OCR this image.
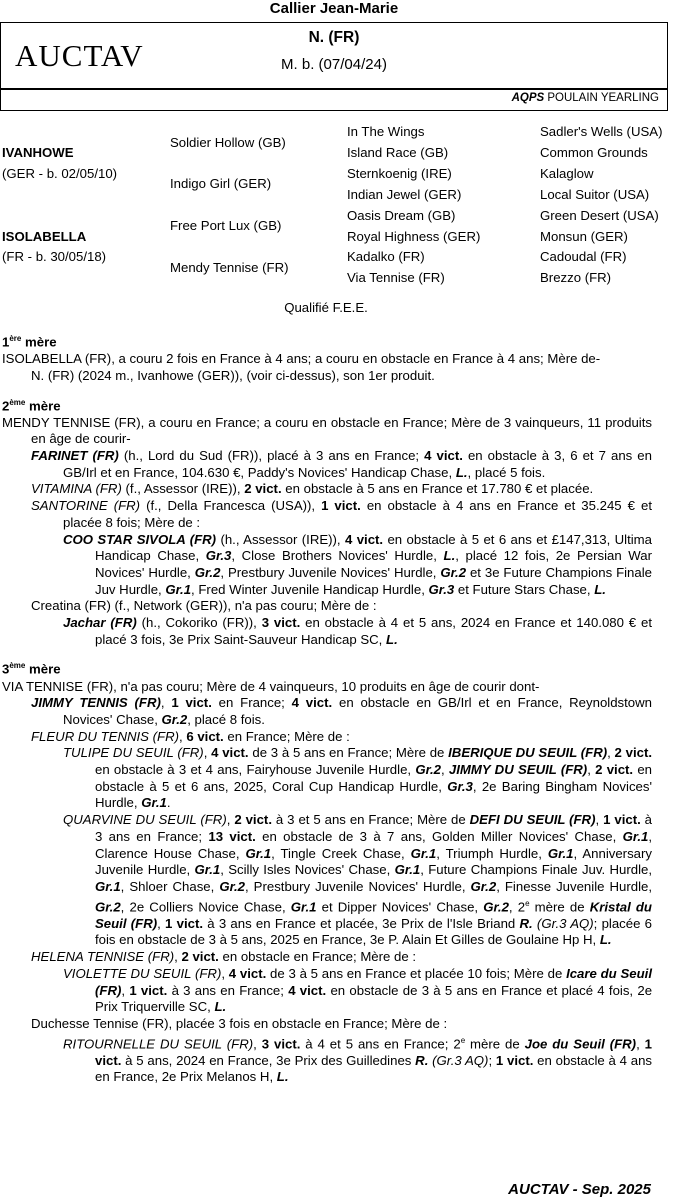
Callier Jean-Marie
AUCTAV
N. (FR)
M. b. (07/04/24)
AQPS POULAIN YEARLING
IVANHOWE
(GER - b. 02/05/10)
ISOLABELLA
(FR - b. 30/05/18)
Soldier Hollow (GB)
Indigo Girl (GER)
Free Port Lux (GB)
Mendy Tennise (FR)
In The Wings
Island Race (GB)
Sternkoenig (IRE)
Indian Jewel (GER)
Oasis Dream (GB)
Royal Highness (GER)
Kadalko (FR)
Via Tennise (FR)
Sadler's Wells (USA)
Common Grounds
Kalaglow
Local Suitor (USA)
Green Desert (USA)
Monsun (GER)
Cadoudal (FR)
Brezzo (FR)
Qualifié F.E.E.
1ère mère
ISOLABELLA (FR), a couru 2 fois en France à 4 ans; a couru en obstacle en France à 4 ans; Mère de-
N. (FR) (2024 m., Ivanhowe (GER)), (voir ci-dessus), son 1er produit.
2ème mère
MENDY TENNISE (FR), a couru en France; a couru en obstacle en France; Mère de 3 vainqueurs, 11 produits en âge de courir-
FARINET (FR) (h., Lord du Sud (FR)), placé à 3 ans en France; 4 vict. en obstacle à 3, 6 et 7 ans en GB/Irl et en France, 104.630 €, Paddy's Novices' Handicap Chase, L., placé 5 fois.
VITAMINA (FR) (f., Assessor (IRE)), 2 vict. en obstacle à 5 ans en France et 17.780 € et placée.
SANTORINE (FR) (f., Della Francesca (USA)), 1 vict. en obstacle à 4 ans en France et 35.245 € et placée 8 fois; Mère de :
COO STAR SIVOLA (FR) (h., Assessor (IRE)), 4 vict. en obstacle à 5 et 6 ans et £147,313, Ultima Handicap Chase, Gr.3, Close Brothers Novices' Hurdle, L., placé 12 fois, 2e Persian War Novices' Hurdle, Gr.2, Prestbury Juvenile Novices' Hurdle, Gr.2 et 3e Future Champions Finale Juv Hurdle, Gr.1, Fred Winter Juvenile Handicap Hurdle, Gr.3 et Future Stars Chase, L.
Creatina (FR) (f., Network (GER)), n'a pas couru; Mère de :
Jachar (FR) (h., Cokoriko (FR)), 3 vict. en obstacle à 4 et 5 ans, 2024 en France et 140.080 € et placé 3 fois, 3e Prix Saint-Sauveur Handicap SC, L.
3ème mère
VIA TENNISE (FR), n'a pas couru; Mère de 4 vainqueurs, 10 produits en âge de courir dont-
JIMMY TENNIS (FR), 1 vict. en France; 4 vict. en obstacle en GB/Irl et en France, Reynoldstown Novices' Chase, Gr.2, placé 8 fois.
FLEUR DU TENNIS (FR), 6 vict. en France; Mère de :
TULIPE DU SEUIL (FR), 4 vict. de 3 à 5 ans en France; Mère de IBERIQUE DU SEUIL (FR), 2 vict. en obstacle à 3 et 4 ans, Fairyhouse Juvenile Hurdle, Gr.2, JIMMY DU SEUIL (FR), 2 vict. en obstacle à 5 et 6 ans, 2025, Coral Cup Handicap Hurdle, Gr.3, 2e Baring Bingham Novices' Hurdle, Gr.1.
QUARVINE DU SEUIL (FR), 2 vict. à 3 et 5 ans en France; Mère de DEFI DU SEUIL (FR), 1 vict. à 3 ans en France; 13 vict. en obstacle de 3 à 7 ans, Golden Miller Novices' Chase, Gr.1, Clarence House Chase, Gr.1, Tingle Creek Chase, Gr.1, Triumph Hurdle, Gr.1, Anniversary Juvenile Hurdle, Gr.1, Scilly Isles Novices' Chase, Gr.1, Future Champions Finale Juv. Hurdle, Gr.1, Shloer Chase, Gr.2, Prestbury Juvenile Novices' Hurdle, Gr.2, Finesse Juvenile Hurdle, Gr.2, 2e Colliers Novice Chase, Gr.1 et Dipper Novices' Chase, Gr.2, 2e mère de Kristal du Seuil (FR), 1 vict. à 3 ans en France et placée, 3e Prix de l'Isle Briand R. (Gr.3 AQ); placée 6 fois en obstacle de 3 à 5 ans, 2025 en France, 3e P. Alain Et Gilles de Goulaine Hp H, L.
HELENA TENNISE (FR), 2 vict. en obstacle en France; Mère de :
VIOLETTE DU SEUIL (FR), 4 vict. de 3 à 5 ans en France et placée 10 fois; Mère de Icare du Seuil (FR), 1 vict. à 3 ans en France; 4 vict. en obstacle de 3 à 5 ans en France et placé 4 fois, 2e Prix Triquerville SC, L.
Duchesse Tennise (FR), placée 3 fois en obstacle en France; Mère de :
RITOURNELLE DU SEUIL (FR), 3 vict. à 4 et 5 ans en France; 2e mère de Joe du Seuil (FR), 1 vict. à 5 ans, 2024 en France, 3e Prix des Guilledines R. (Gr.3 AQ); 1 vict. en obstacle à 4 ans en France, 2e Prix Melanos H, L.
AUCTAV - Sep. 2025
